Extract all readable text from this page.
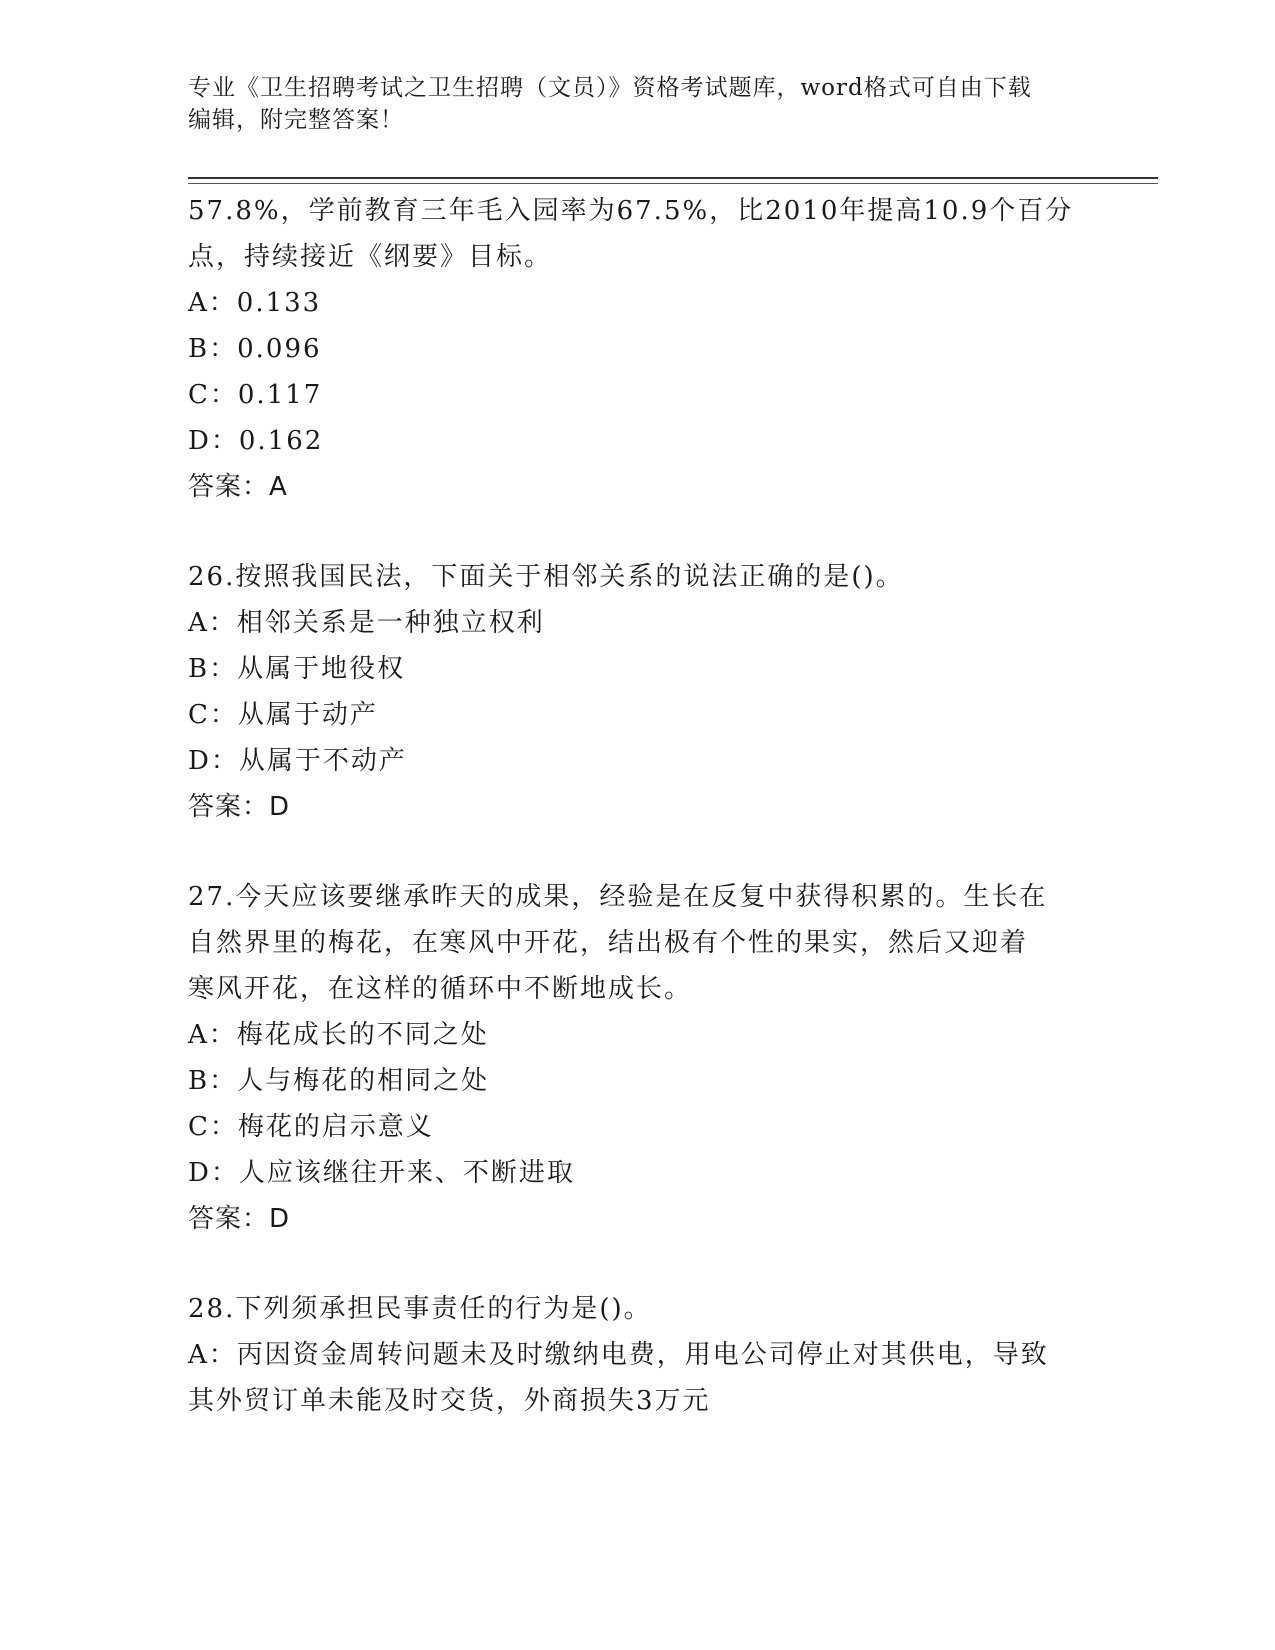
专业《卫生招聘考试之卫生招聘（文员）》资格考试题库，word格式可自由下载
编辑，附完整答案！
57.8%，学前教育三年毛入园率为67.5%，比2010年提高10.9个百分
点，持续接近《纲要》目标。
A：0.133
B：0.096
C：0.117
D：0.162
答案：A
26.按照我国民法，下面关于相邻关系的说法正确的是()。
A：相邻关系是一种独立权利
B：从属于地役权
C：从属于动产
D：从属于不动产
答案：D
27.今天应该要继承昨天的成果，经验是在反复中获得积累的。生长在
自然界里的梅花，在寒风中开花，结出极有个性的果实，然后又迎着
寒风开花，在这样的循环中不断地成长。
A：梅花成长的不同之处
B：人与梅花的相同之处
C：梅花的启示意义
D：人应该继往开来、不断进取
答案：D
28.下列须承担民事责任的行为是()。
A：丙因资金周转问题未及时缴纳电费，用电公司停止对其供电，导致
其外贸订单未能及时交货，外商损失3万元
